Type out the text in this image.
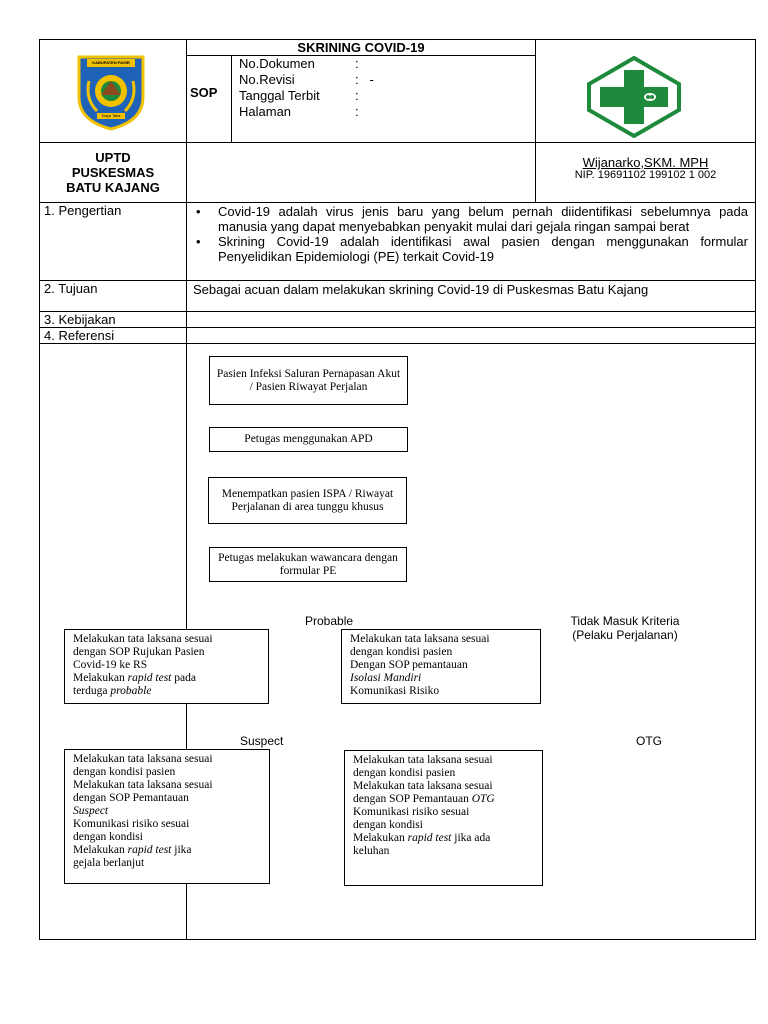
KABUPATEN PASIR
Daya Taka
SKRINING COVID-19
SOP
No.Dokumen	:
No.Revisi	:   -
Tanggal Terbit	:
Halaman	:
UPTD
PUSKESMAS
BATU KAJANG
Wijanarko,SKM. MPH
NIP. 19691102 199102 1 002
1. Pengertian
•	Covid-19 adalah virus jenis baru yang belum pernah diidentifikasi sebelumnya pada manusia yang dapat menyebabkan penyakit mulai dari gejala ringan sampai berat
• Skrining Covid-19 adalah identifikasi awal pasien dengan menggunakan formular Penyelidikan Epidemiologi (PE) terkait Covid-19
2. Tujuan	Sebagai acuan dalam melakukan skrining Covid-19 di Puskesmas Batu Kajang
3. Kebijakan
4. Referensi

Pasien Infeksi Saluran Pernapasan Akut / Pasien Riwayat Perjalan

Petugas menggunakan APD

Menempatkan pasien ISPA / Riwayat Perjalanan di area tunggu khusus

Petugas melakukan wawancara dengan formular PE

Probable	Tidak Masuk Kriteria
(Pelaku Perjalanan)

Melakukan tata laksana sesuai

dengan SOP Rujukan Pasien

Covid-19 ke RS

Melakukan rapid test pada

terduga probable

Melakukan tata laksana sesuai

dengan kondisi pasien

Dengan SOP pemantauan

Isolasi Mandiri

Komunikasi Risiko

Suspect	OTG

Melakukan tata laksana sesuai

dengan kondisi pasien

Melakukan tata laksana sesuai

dengan SOP Pemantauan

Suspect

Komunikasi risiko sesuai

dengan kondisi

Melakukan rapid test jika

gejala berlanjut

Melakukan tata laksana sesuai

dengan kondisi pasien

Melakukan tata laksana sesuai

dengan SOP Pemantauan OTG

Komunikasi risiko sesuai

dengan kondisi

Melakukan rapid test jika ada

keluhan
